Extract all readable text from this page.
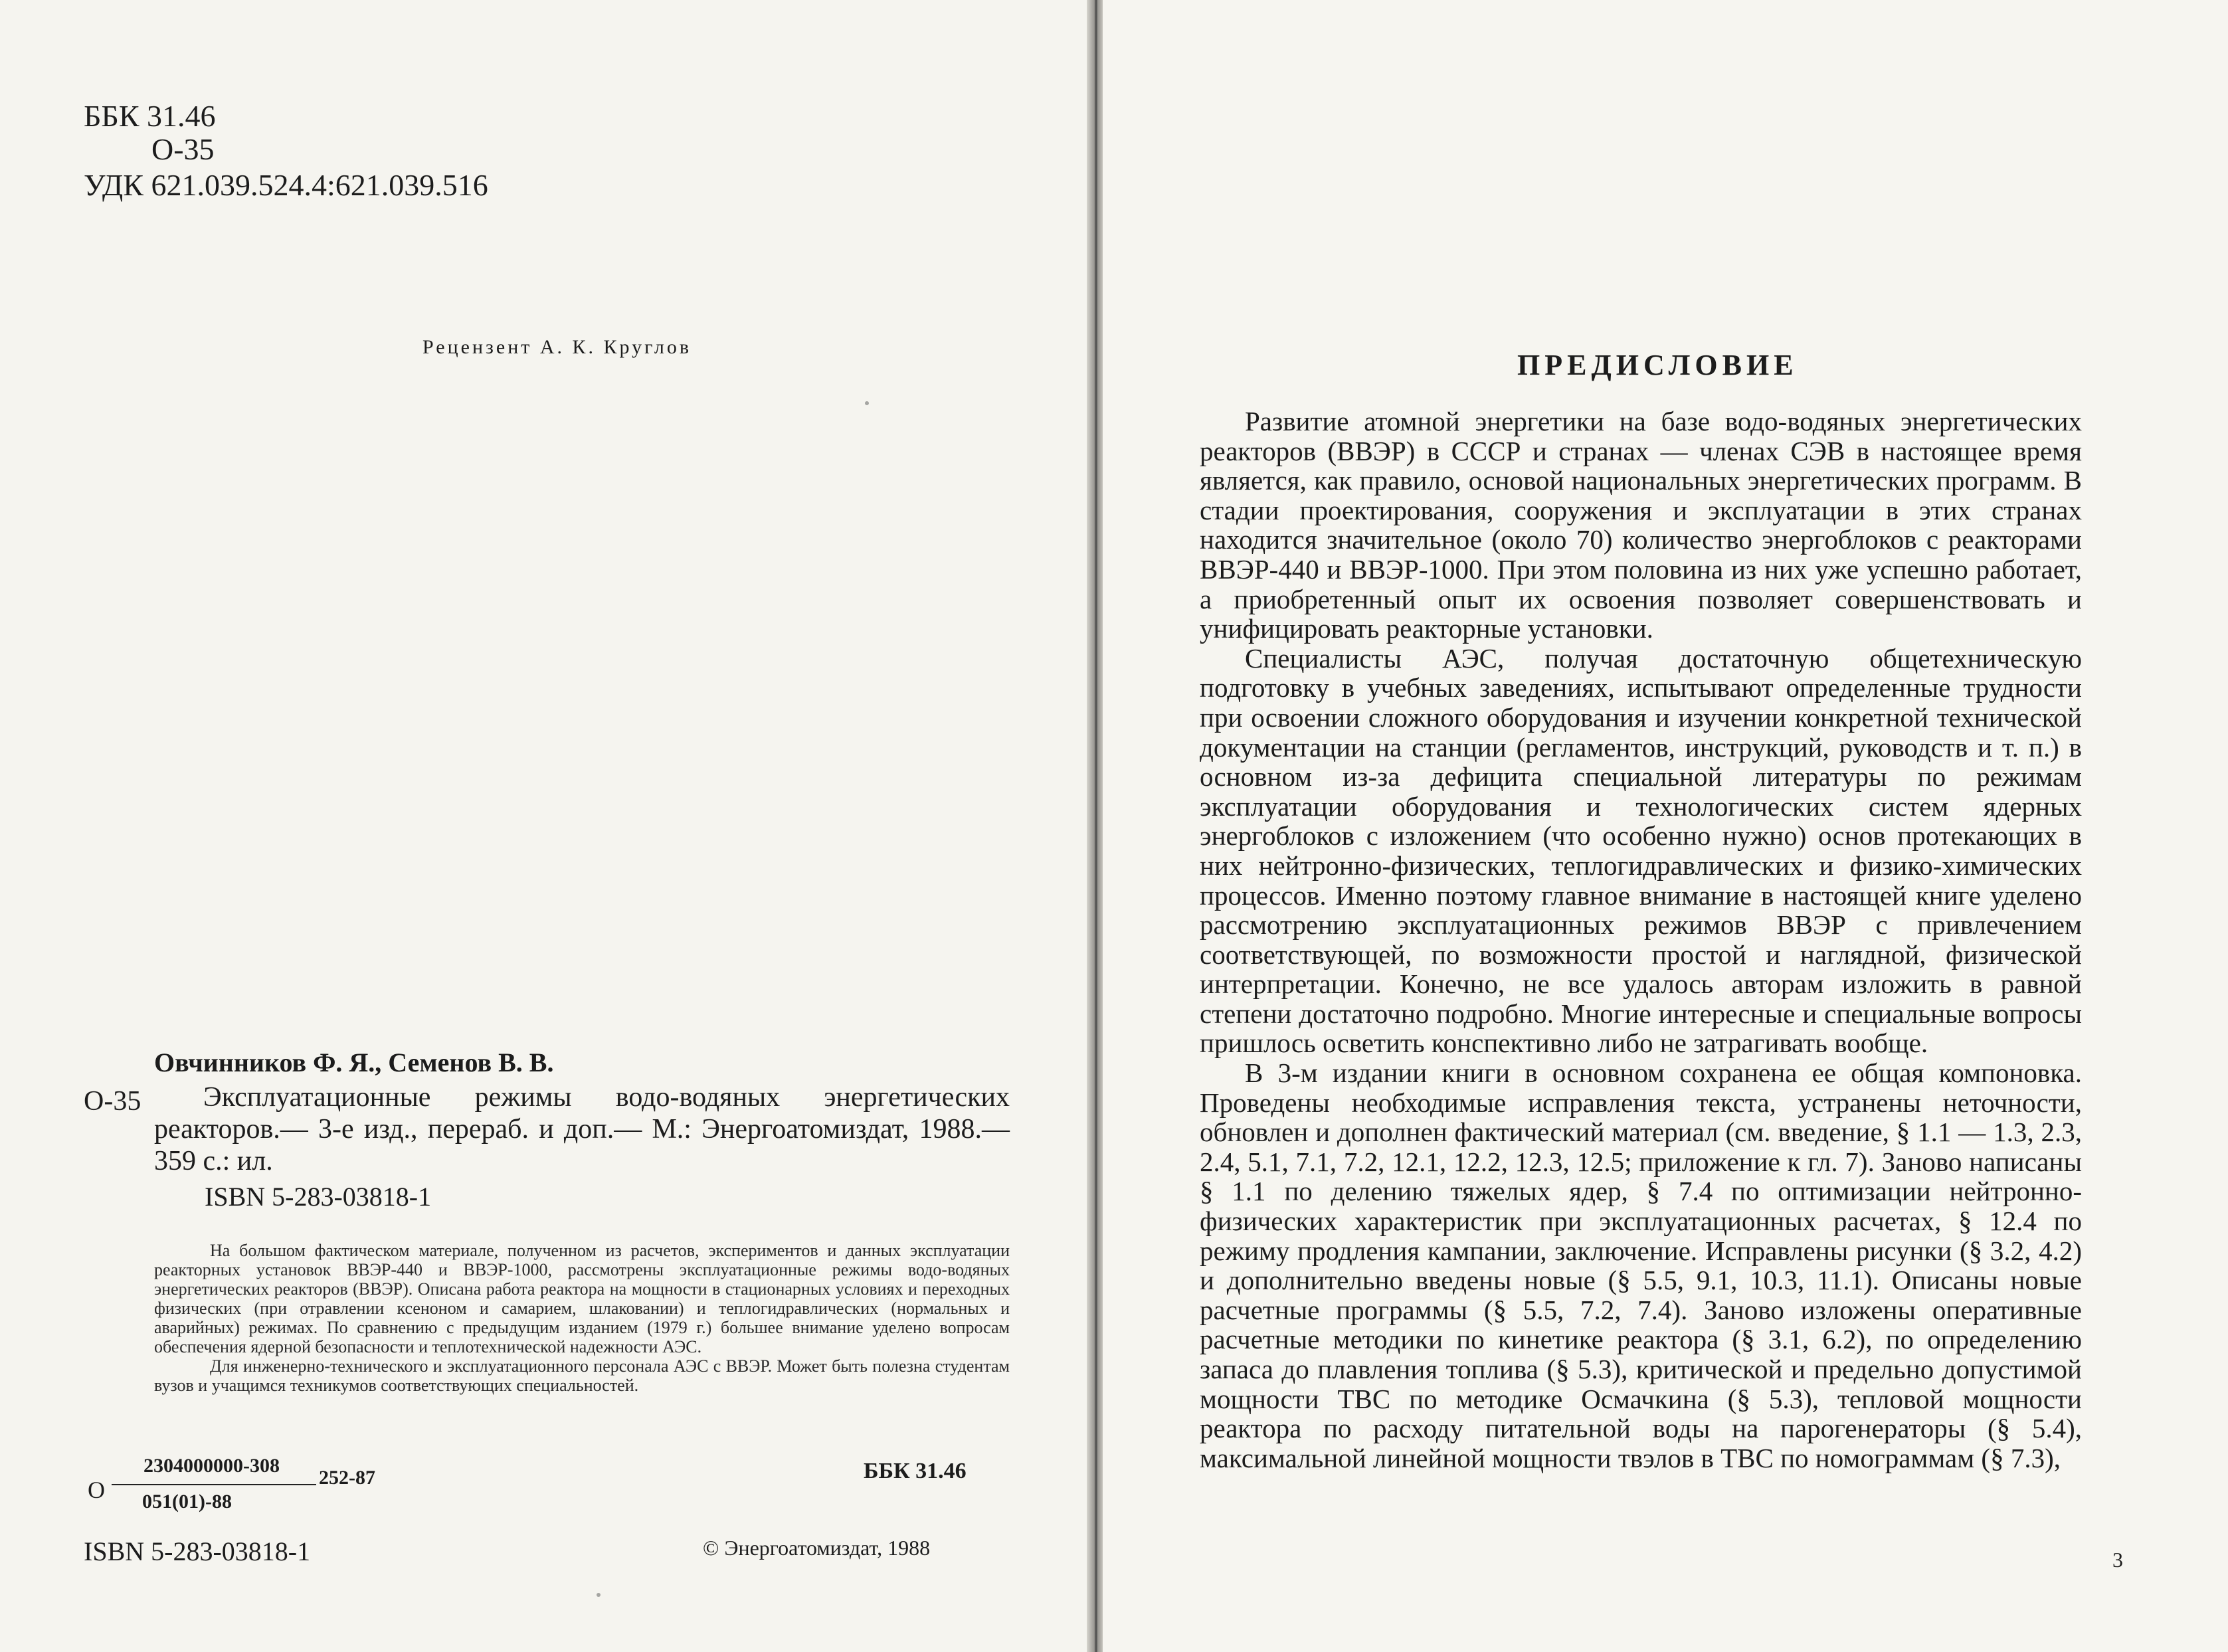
ББК 31.46
О-35
УДК 621.039.524.4:621.039.516
Рецензент А. К. Круглов
Овчинников Ф. Я., Семенов В. В.
О-35	Эксплуатационные режимы водо-водяных энергетических реакторов.— 3-е изд., перераб. и доп.— М.: Энергоатомиздат, 1988.— 359 с.: ил.
ISBN 5-283-03818-1

На большом фактическом материале, полученном из расчетов, экспериментов и данных эксплуатации реакторных установок ВВЭР-440 и ВВЭР-1000, рассмотрены эксплуатационные режимы водо-водяных энергетических реакторов (ВВЭР). Описана работа реактора на мощности в стационарных условиях и переходных физических (при отравлении ксеноном и самарием, шлаковании) и теплогидравлических (нормальных и аварийных) режимах. По сравнению с предыдущим изданием (1979 г.) большее внимание уделено вопросам обеспечения ядерной безопасности и теплотехнической надежности АЭС.

Для инженерно-технического и эксплуатационного персонала АЭС с ВВЭР. Может быть полезна студентам вузов и учащимся техникумов соответствующих специальностей.

О
2304000000-308
252-87
051(01)-88
ББК 31.46
ISBN 5-283-03818-1	© Энергоатомиздат, 1988
ПРЕДИСЛОВИЕ

Развитие атомной энергетики на базе водо-водяных энергетических реакторов (ВВЭР) в СССР и странах — членах СЭВ в настоящее время является, как правило, основой национальных энергетических программ. В стадии проектирования, сооружения и эксплуатации в этих странах находится значительное (около 70) количество энергоблоков с реакторами ВВЭР-440 и ВВЭР-1000. При этом половина из них уже успешно работает, а приобретенный опыт их освоения позволяет совершенствовать и унифицировать реакторные установки.

Специалисты АЭС, получая достаточную общетехническую подготовку в учебных заведениях, испытывают определенные трудности при освоении сложного оборудования и изучении конкретной технической документации на станции (регламентов, инструкций, руководств и т. п.) в основном из-за дефицита специальной литературы по режимам эксплуатации оборудования и технологических систем ядерных энергоблоков с изложением (что особенно нужно) основ протекающих в них нейтронно-физических, теплогидравлических и физико-химических процессов. Именно поэтому главное внимание в настоящей книге уделено рассмотрению эксплуатационных режимов ВВЭР с привлечением соответствующей, по возможности простой и наглядной, физической интерпретации. Конечно, не все удалось авторам изложить в равной степени достаточно подробно. Многие интересные и специальные вопросы пришлось осветить конспективно либо не затрагивать вообще.

В 3-м издании книги в основном сохранена ее общая компоновка. Проведены необходимые исправления текста, устранены неточности, обновлен и дополнен фактический материал (см. введение, § 1.1 — 1.3, 2.3, 2.4, 5.1, 7.1, 7.2, 12.1, 12.2, 12.3, 12.5; приложение к гл. 7). Заново написаны § 1.1 по делению тяжелых ядер, § 7.4 по оптимизации нейтронно-физических характеристик при эксплуатационных расчетах, § 12.4 по режиму продления кампании, заключение. Исправлены рисунки (§ 3.2, 4.2) и дополнительно введены новые (§ 5.5, 9.1, 10.3, 11.1). Описаны новые расчетные программы (§ 5.5, 7.2, 7.4). Заново изложены оперативные расчетные методики по кинетике реактора (§ 3.1, 6.2), по определению запаса до плавления топлива (§ 5.3), критической и предельно допустимой мощности ТВС по методике Осмачкина (§ 5.3), тепловой мощности реактора по расходу питательной воды на парогенераторы (§ 5.4), максимальной линейной мощности твэлов в ТВС по номограммам (§ 7.3),

3
